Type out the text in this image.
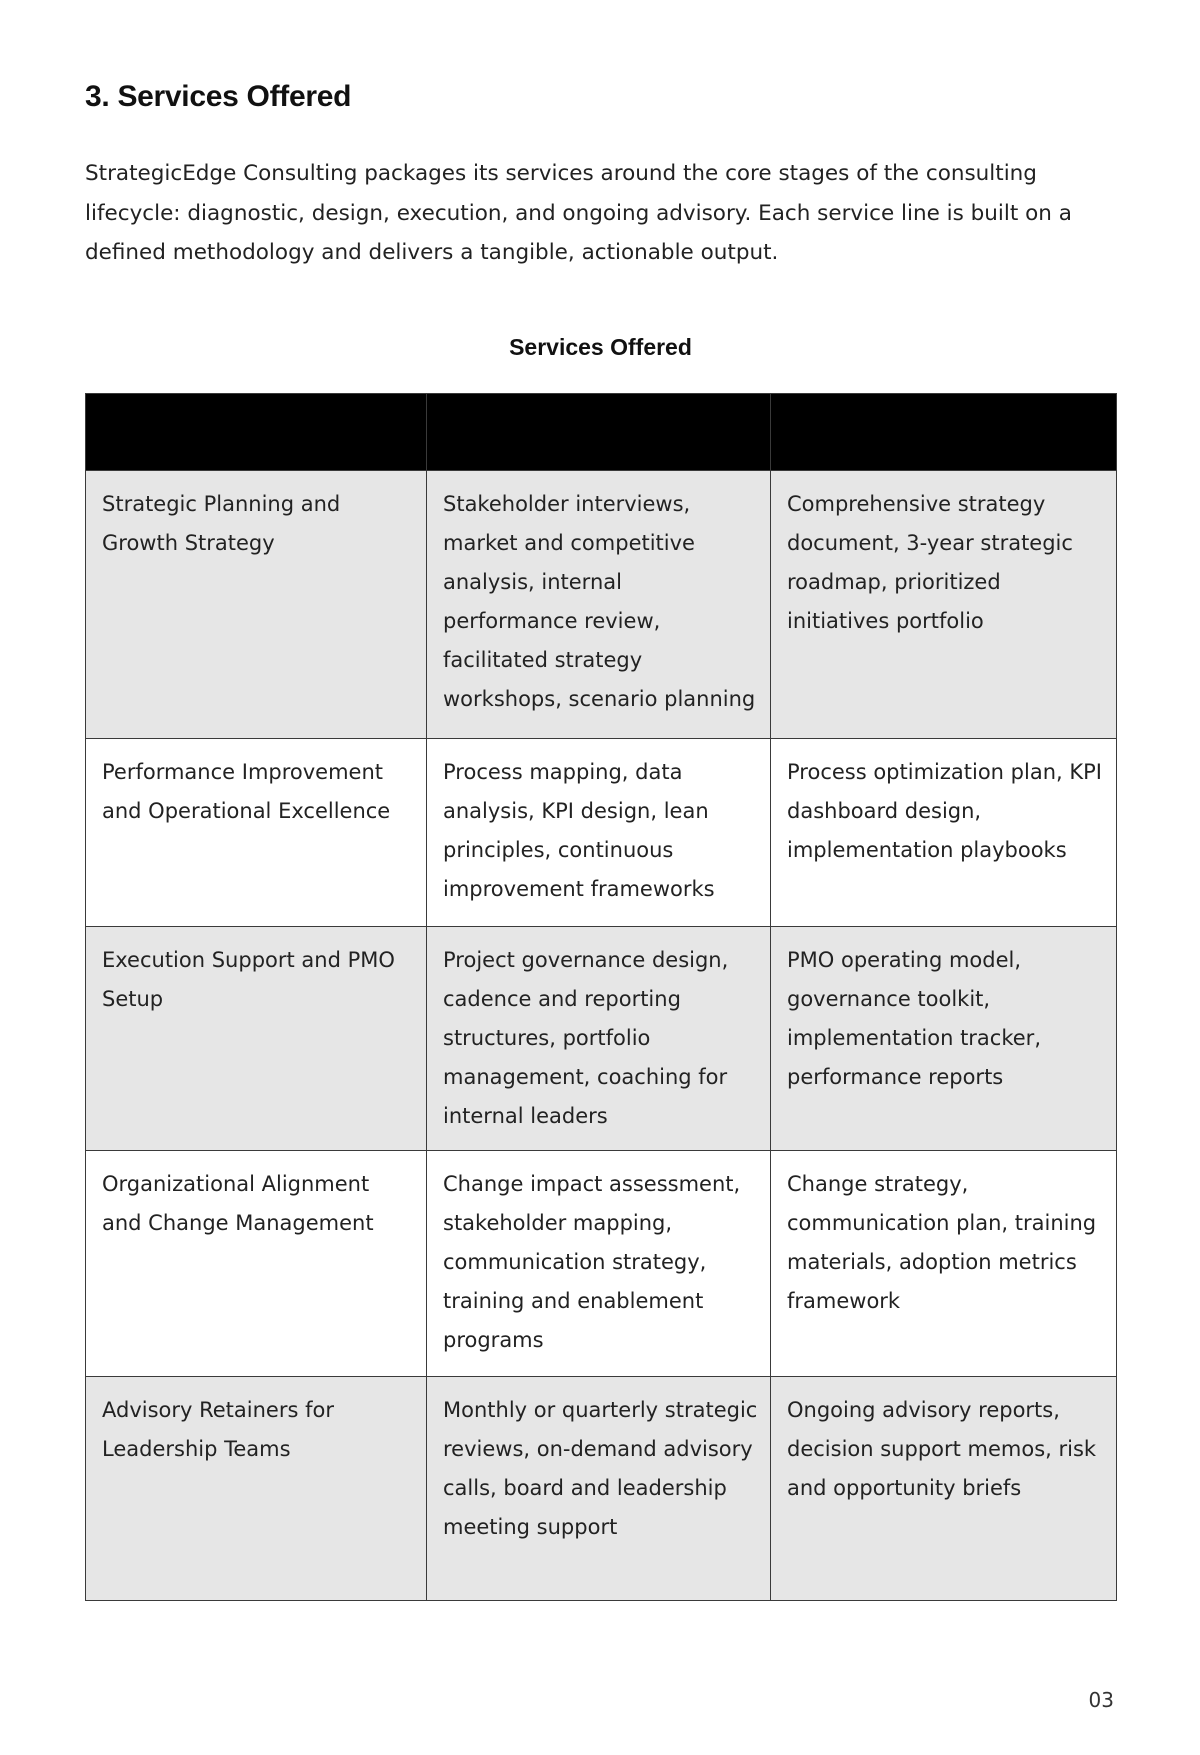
3. Services Offered

StrategicEdge Consulting packages its services around the core stages of the consulting lifecycle: diagnostic, design, execution, and ongoing advisory. Each service line is built on a defined methodology and delivers a tangible, actionable output.

Services Offered

Strategic Planning and Growth Strategy	Stakeholder interviews, market and competitive analysis, internal performance review, facilitated strategy workshops, scenario planning	Comprehensive strategy document, 3-year strategic roadmap, prioritized initiatives portfolio
Performance Improvement and Operational Excellence	Process mapping, data analysis, KPI design, lean principles, continuous improvement frameworks	Process optimization plan, KPI dashboard design, implementation playbooks
Execution Support and PMO Setup	Project governance design, cadence and reporting structures, portfolio management, coaching for internal leaders	PMO operating model, governance toolkit, implementation tracker, performance reports
Organizational Alignment and Change Management	Change impact assessment, stakeholder mapping, communication strategy, training and enablement programs	Change strategy, communication plan, training materials, adoption metrics framework
Advisory Retainers for Leadership Teams	Monthly or quarterly strategic reviews, on-demand advisory calls, board and leadership meeting support	Ongoing advisory reports, decision support memos, risk and opportunity briefs
03
